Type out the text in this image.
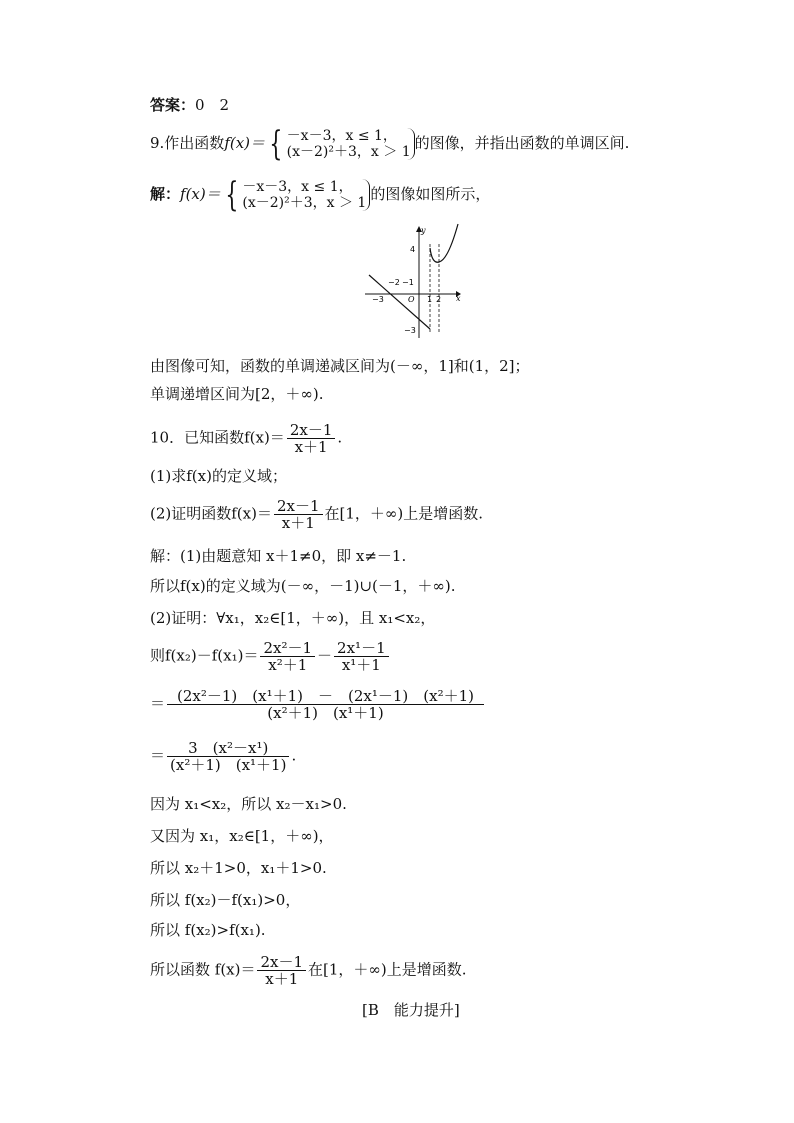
答案：0　2
9.作出函数f(x)＝ { －x－3，x ≤ 1，
(x－2)²＋3，x ＞ 1 的图像，并指出函数的单调区间.
解：f(x)＝ { －x－3，x ≤ 1，
(x－2)²＋3，x ＞ 1 的图像如图所示，
y
x
O
4
−2 −1
−3	1 2
−3
由图像可知，函数的单调递减区间为(－∞，1]和(1，2]；
单调递增区间为[2，＋∞).
10．已知函数$f(x)= \frac{2x-1}{x+1}$ .
(1)求f(x)的定义域；
(2)证明函数$f(x)= \frac{2x-1}{x+1}$ 在[1，＋∞)上是增函数.
解：(1)由题意知 x＋1≠0，即 x≠－1.
所以f(x)的定义域为(－∞，－1)∪(－1，＋∞).
(2)证明：∀x₁，x₂∈[1，＋∞)，且 x₁<x₂，
则$f(x_2)-f(x_1)= \frac{\text{2x²－1}}{\text{x²＋1}} - \frac{\text{2x¹－1}}{\text{x¹＋1}}$
＝ $\frac{\text{(2x²－1)　(x¹＋1)　－　(2x¹－1)　(x²＋1)}}{\text{(x²＋1)　(x¹＋1)}}$
＝ $\frac{\text{3　(x²－x¹)}}{\text{(x²＋1)　(x¹＋1)}}$ .
因为 x₁<x₂，所以 x₂－x₁>0.
又因为 x₁，x₂∈[1，＋∞)，
所以 x₂＋1>0，x₁＋1>0.
所以 f(x₂)－f(x₁)>0，
所以 f(x₂)>f(x₁).
所以函数 $f(x)= \frac{2x-1}{x+1}$ 在[1，＋∞)上是增函数.
[B　能力提升]
